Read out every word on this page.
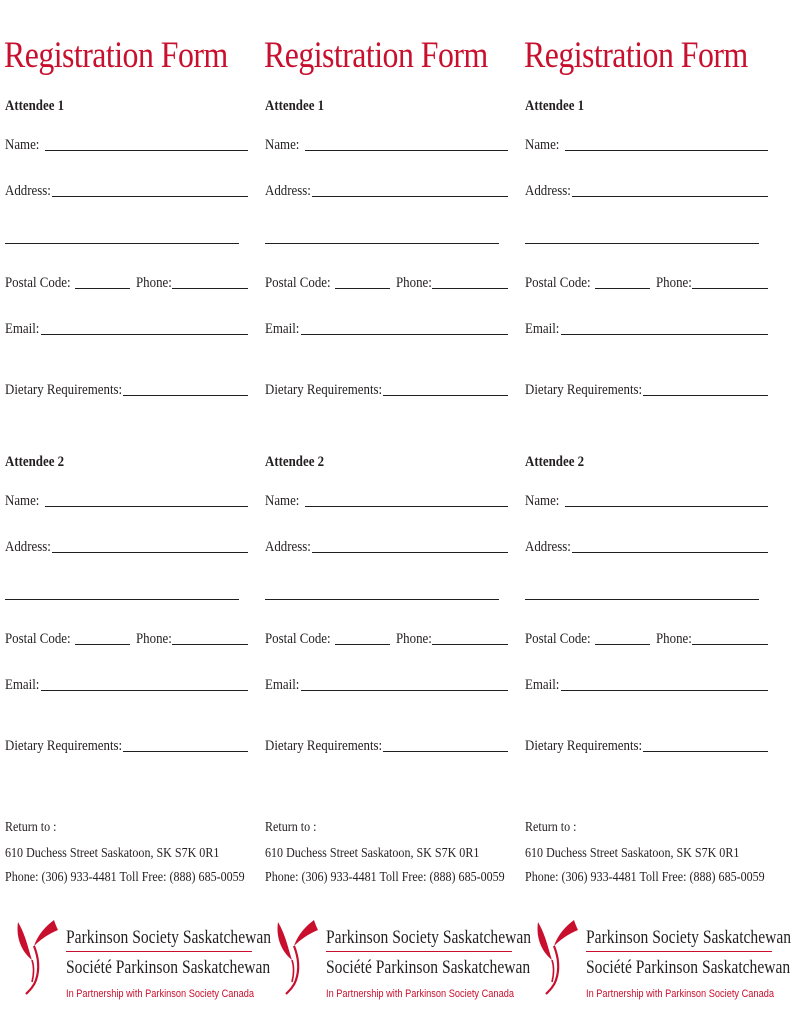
Registration Form
Attendee 1
Name:
Address:
Postal Code:	Phone:
Email:
Dietary Requirements:
Attendee 2
Name:
Address:
Postal Code:	Phone:
Email:
Dietary Requirements:
Return to :
610 Duchess Street Saskatoon, SK S7K 0R1
Phone: (306) 933-4481 Toll Free: (888) 685-0059
Parkinson Society Saskatchewan
Société Parkinson Saskatchewan
In Partnership with Parkinson Society Canada
Registration Form
Attendee 1
Name:
Address:
Postal Code:	Phone:
Email:
Dietary Requirements:
Attendee 2
Name:
Address:
Postal Code:	Phone:
Email:
Dietary Requirements:
Return to :
610 Duchess Street Saskatoon, SK S7K 0R1
Phone: (306) 933-4481 Toll Free: (888) 685-0059
Parkinson Society Saskatchewan
Société Parkinson Saskatchewan
In Partnership with Parkinson Society Canada
Registration Form
Attendee 1
Name:
Address:
Postal Code:	Phone:
Email:
Dietary Requirements:
Attendee 2
Name:
Address:
Postal Code:	Phone:
Email:
Dietary Requirements:
Return to :
610 Duchess Street Saskatoon, SK S7K 0R1
Phone: (306) 933-4481 Toll Free: (888) 685-0059
Parkinson Society Saskatchewan
Société Parkinson Saskatchewan
In Partnership with Parkinson Society Canada
